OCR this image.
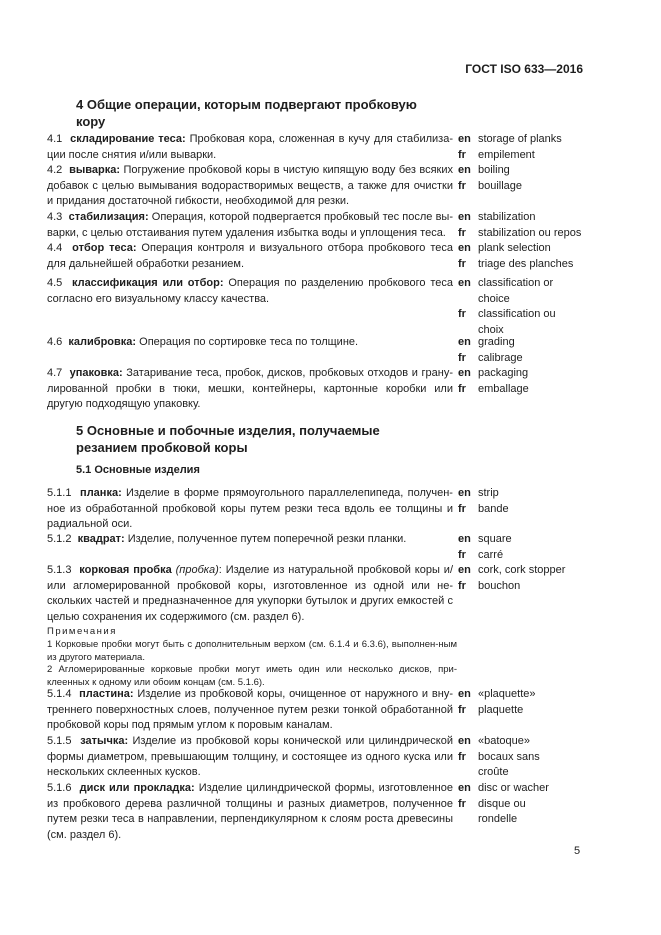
ГОСТ ISO 633—2016
4 Общие операции, которым подвергают пробковую
кору
4.1 складирование теса: Пробковая кора, сложенная в кучу для стабилиза- ции после снятия и/или выварки.
en
fr
storage of planks
empilement
4.2 выварка: Погружение пробковой коры в чистую кипящую воду без всяких добавок с целью вымывания водорастворимых веществ, а также для очистки и придания достаточной гибкости, необходимой для резки.
en
fr
boiling
bouillage
4.3 стабилизация: Операция, которой подвергается пробковый тес после вы- варки, с целью отстаивания путем удаления избытка воды и уплощения теса.
en
fr
stabilization
stabilization ou repos
4.4 отбор теса: Операция контроля и визуального отбора пробкового теса для дальнейшей обработки резанием.
en
fr
plank selection
triage des planches
4.5 классификация или отбор: Операция по разделению пробкового теса согласно его визуальному классу качества.
en
fr
classification or
choice
classification ou
choix
4.6 калибровка: Операция по сортировке теса по толщине.	en
fr
grading
calibrage
4.7 упаковка: Затаривание теса, пробок, дисков, пробковых отходов и грану- лированной пробки в тюки, мешки, контейнеры, картонные коробки или другую подходящую упаковку.
en
fr
packaging
emballage
5 Основные и побочные изделия, получаемые
резанием пробковой коры
5.1 Основные изделия
5.1.1 планка: Изделие в форме прямоугольного параллелепипеда, получен- ное из обработанной пробковой коры путем резки теса вдоль ее толщины и радиальной оси.
en
fr
strip
bande
5.1.2 квадрат: Изделие, полученное путем поперечной резки планки.	en
fr
square
carré
5.1.3 корковая пробка (пробка): Изделие из натуральной пробковой коры и/или агломерированной пробковой коры, изготовленное из одной или не-скольких частей и предназначенное для укупорки бутылок и других емкостей с целью сохранения их содержимого (см. раздел 6).
en
fr
cork, cork stopper
bouchon
Примечания
1 Корковые пробки могут быть с дополнительным верхом (см. 6.1.4 и 6.3.6), выполнен-ным из другого материала.
2 Агломерированные корковые пробки могут иметь один или несколько дисков, при-клеенных к одному или обоим концам (см. 5.1.6).
5.1.4 пластина: Изделие из пробковой коры, очищенное от наружного и вну- треннего поверхностных слоев, полученное путем резки тонкой обработанной пробковой коры под прямым углом к поровым каналам.
en
fr
«plaquette»
plaquette
5.1.5 затычка: Изделие из пробковой коры конической или цилиндрической формы диаметром, превышающим толщину, и состоящее из одного куска или нескольких склеенных кусков.
en
fr
«batoque»
bocaux sans
croûte
5.1.6 диск или прокладка: Изделие цилиндрической формы, изготовленное из пробкового дерева различной толщины и разных диаметров, полученное путем резки теса в направлении, перпендикулярном к слоям роста древесины (см. раздел 6).
en
fr
disc or wacher
disque ou
rondelle
5
